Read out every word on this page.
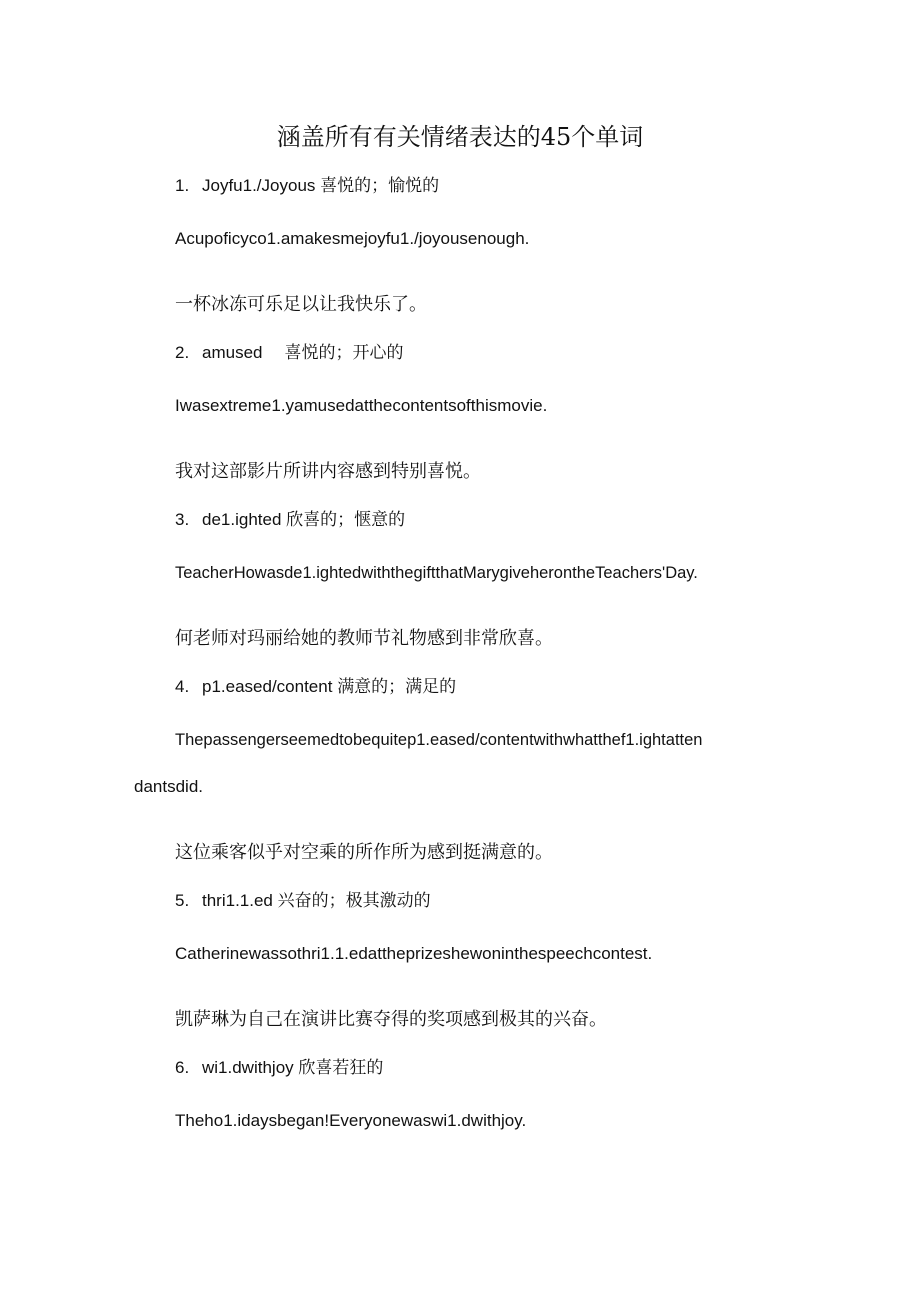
涵盖所有有关情绪表达的45个单词
1. Joyfu1./Joyous 喜悦的；愉悦的
Acupoficyco1.amakesmejoyfu1./joyousenough.
一杯冰冻可乐足以让我快乐了。
2. amused 喜悦的；开心的
Iwasextreme1.yamusedatthecontentsofthismovie.
我对这部影片所讲内容感到特别喜悦。
3. de1.ighted 欣喜的；惬意的
TeacherHowasde1.ightedwiththegiftthatMarygiveherontheTeachers'Day.
何老师对玛丽给她的教师节礼物感到非常欣喜。
4. p1.eased/content 满意的；满足的
Thepassengerseemedtobequitep1.eased/contentwithwhatthef1.ightatten
dantsdid.
这位乘客似乎对空乘的所作所为感到挺满意的。
5. thri1.1.ed 兴奋的；极其激动的
Catherinewassothri1.1.edattheprizeshewoninthespeechcontest.
凯萨琳为自己在演讲比赛夺得的奖项感到极其的兴奋。
6. wi1.dwithjoy 欣喜若狂的
Theho1.idaysbegan!Everyonewaswi1.dwithjoy.
